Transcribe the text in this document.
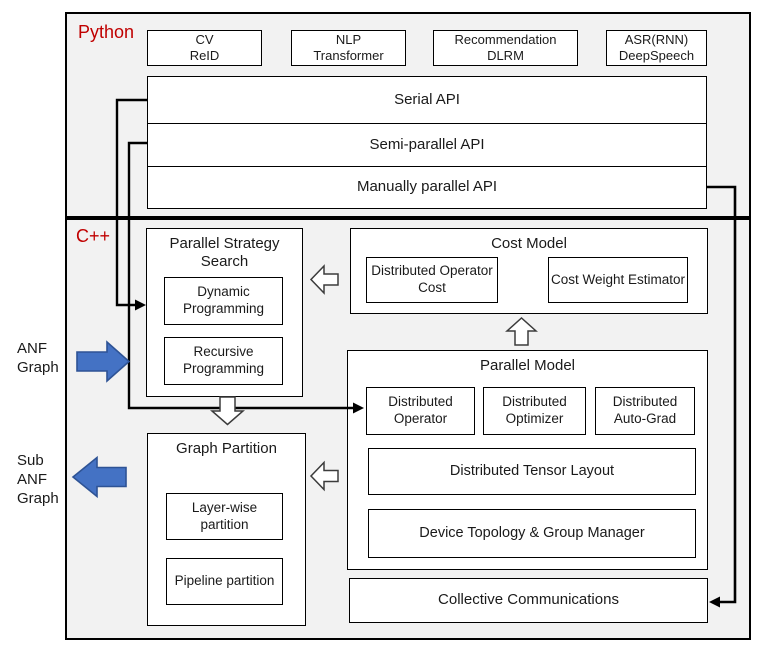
Python
C++
CV
ReID
NLP
Transformer
Recommendation
DLRM
ASR(RNN)
DeepSpeech
Serial API
Semi-parallel API
Manually parallel API
Parallel Strategy Search
Dynamic Programming
Recursive Programming
Cost Model
Distributed Operator Cost
Cost Weight Estimator
Parallel Model
Distributed Operator
Distributed Optimizer
Distributed Auto-Grad
Distributed Tensor Layout
Device Topology & Group Manager
Graph Partition
Layer-wise partition
Pipeline partition
Collective Communications
ANF
Graph
Sub
ANF
Graph
